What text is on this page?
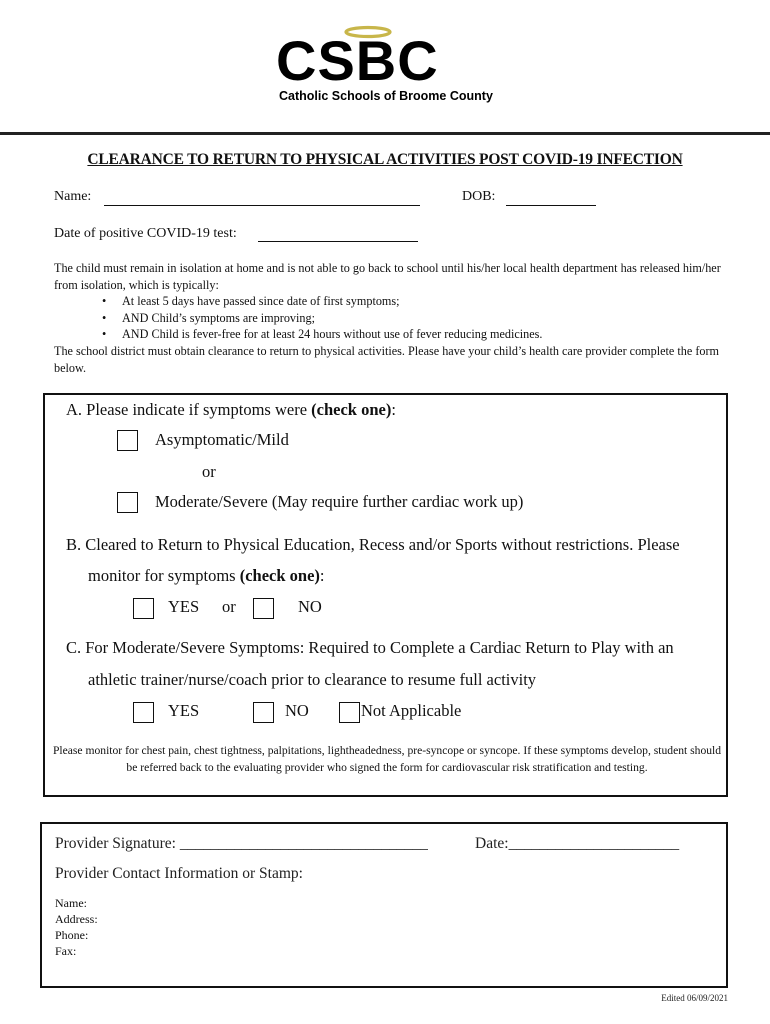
CSBC
Catholic Schools of Broome County
CLEARANCE TO RETURN TO PHYSICAL ACTIVITIES POST COVID-19 INFECTION
Name:	DOB:
Date of positive COVID-19 test:
The child must remain in isolation at home and is not able to go back to school until his/her local health department has released him/her from isolation, which is typically:
• At least 5 days have passed since date of first symptoms;
• AND Child’s symptoms are improving;
• AND Child is fever-free for at least 24 hours without use of fever reducing medicines.
The school district must obtain clearance to return to physical activities. Please have your child’s health care provider complete the form below.
A. Please indicate if symptoms were (check one):
Asymptomatic/Mild
or
Moderate/Severe (May require further cardiac work up)
B. Cleared to Return to Physical Education, Recess and/or Sports without restrictions. Please
monitor for symptoms (check one):
YES or	NO
C. For Moderate/Severe Symptoms: Required to Complete a Cardiac Return to Play with an
athletic trainer/nurse/coach prior to clearance to resume full activity
YES	NO	Not Applicable
Please monitor for chest pain, chest tightness, palpitations, lightheadedness, pre-syncope or syncope. If these symptoms develop, student should be referred back to the evaluating provider who signed the form for cardiovascular risk stratification and testing.
Provider Signature: ________________________________	Date:______________________
Provider Contact Information or Stamp:
Name:
Address:
Phone:
Fax:
Edited 06/09/2021
